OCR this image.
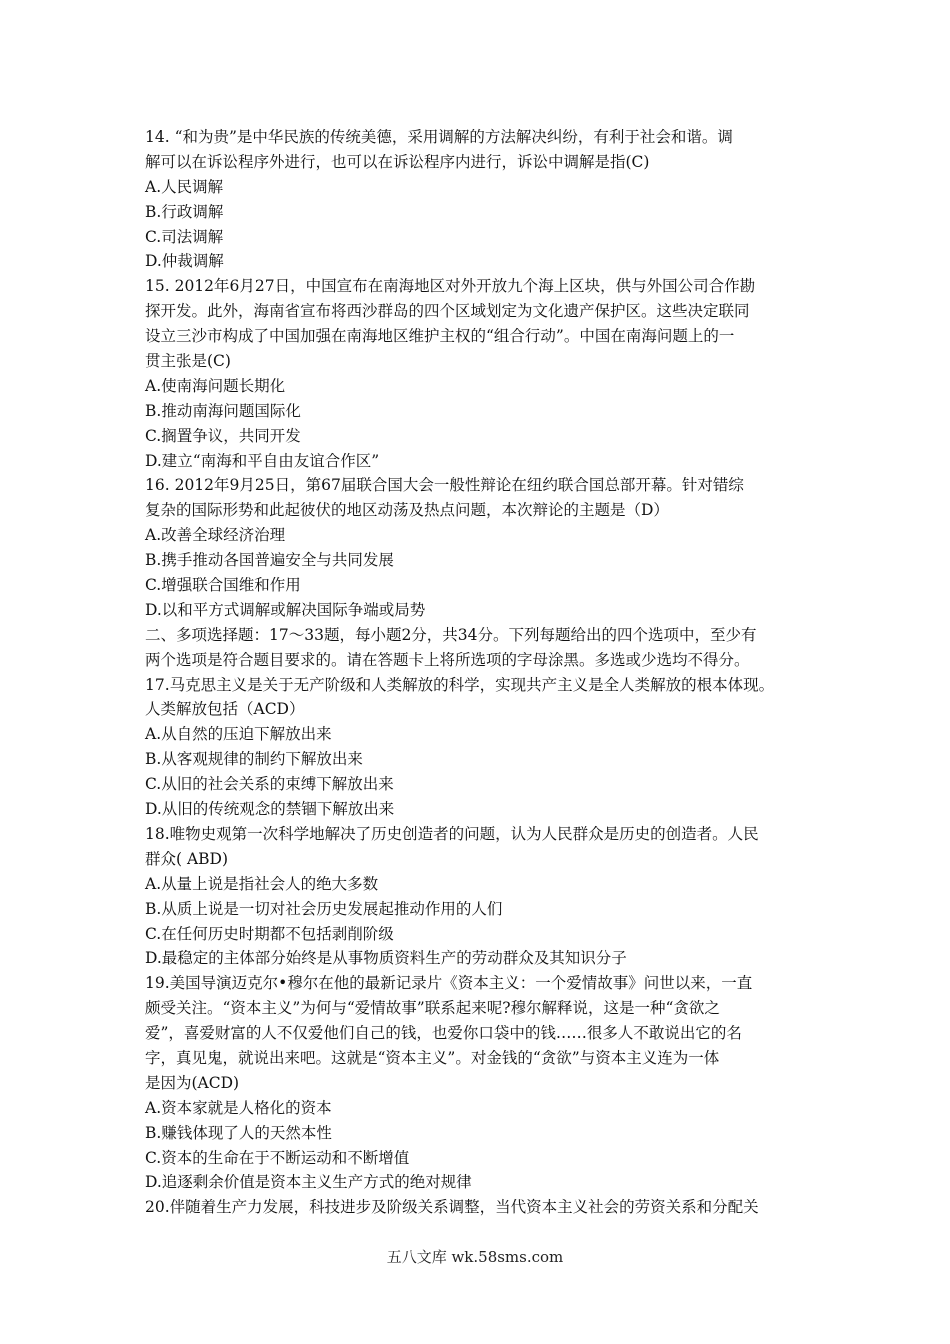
14. “和为贵”是中华民族的传统美德，采用调解的方法解决纠纷，有利于社会和谐。调
解可以在诉讼程序外进行，也可以在诉讼程序内进行，诉讼中调解是指(C)
A.人民调解
B.行政调解
C.司法调解
D.仲裁调解
15. 2012年6月27日，中国宣布在南海地区对外开放九个海上区块，供与外国公司合作勘
探开发。此外，海南省宣布将西沙群岛的四个区域划定为文化遗产保护区。这些决定联同
设立三沙市构成了中国加强在南海地区维护主权的“组合行动”。中国在南海问题上的一
贯主张是(C)
A.使南海问题长期化
B.推动南海问题国际化
C.搁置争议，共同开发
D.建立“南海和平自由友谊合作区”
16. 2012年9月25日，第67届联合国大会一般性辩论在纽约联合国总部开幕。针对错综
复杂的国际形势和此起彼伏的地区动荡及热点问题，本次辩论的主题是（D）
A.改善全球经济治理
B.携手推动各国普遍安全与共同发展
C.增强联合国维和作用
D.以和平方式调解或解决国际争端或局势
二、多项选择题：17～33题，每小题2分，共34分。下列每题给出的四个选项中，至少有
两个选项是符合题目要求的。请在答题卡上将所选项的字母涂黑。多选或少选均不得分。
17.马克思主义是关于无产阶级和人类解放的科学，实现共产主义是全人类解放的根本体现。
人类解放包括（ACD）
A.从自然的压迫下解放出来
B.从客观规律的制约下解放出来
C.从旧的社会关系的束缚下解放出来
D.从旧的传统观念的禁锢下解放出来
18.唯物史观第一次科学地解决了历史创造者的问题，认为人民群众是历史的创造者。人民
群众( ABD)
A.从量上说是指社会人的绝大多数
B.从质上说是一切对社会历史发展起推动作用的人们
C.在任何历史时期都不包括剥削阶级
D.最稳定的主体部分始终是从事物质资料生产的劳动群众及其知识分子
19.美国导演迈克尔•穆尔在他的最新记录片《资本主义：一个爱情故事》问世以来，一直
颇受关注。“资本主义”为何与“爱情故事”联系起来呢?穆尔解释说，这是一种“贪欲之
爱”，喜爱财富的人不仅爱他们自己的钱，也爱你口袋中的钱……很多人不敢说出它的名
字，真见鬼，就说出来吧。这就是“资本主义”。对金钱的“贪欲”与资本主义连为一体
是因为(ACD)
A.资本家就是人格化的资本
B.赚钱体现了人的天然本性
C.资本的生命在于不断运动和不断增值
D.追逐剩余价值是资本主义生产方式的绝对规律
20.伴随着生产力发展，科技进步及阶级关系调整，当代资本主义社会的劳资关系和分配关
五八文库 wk.58sms.com
